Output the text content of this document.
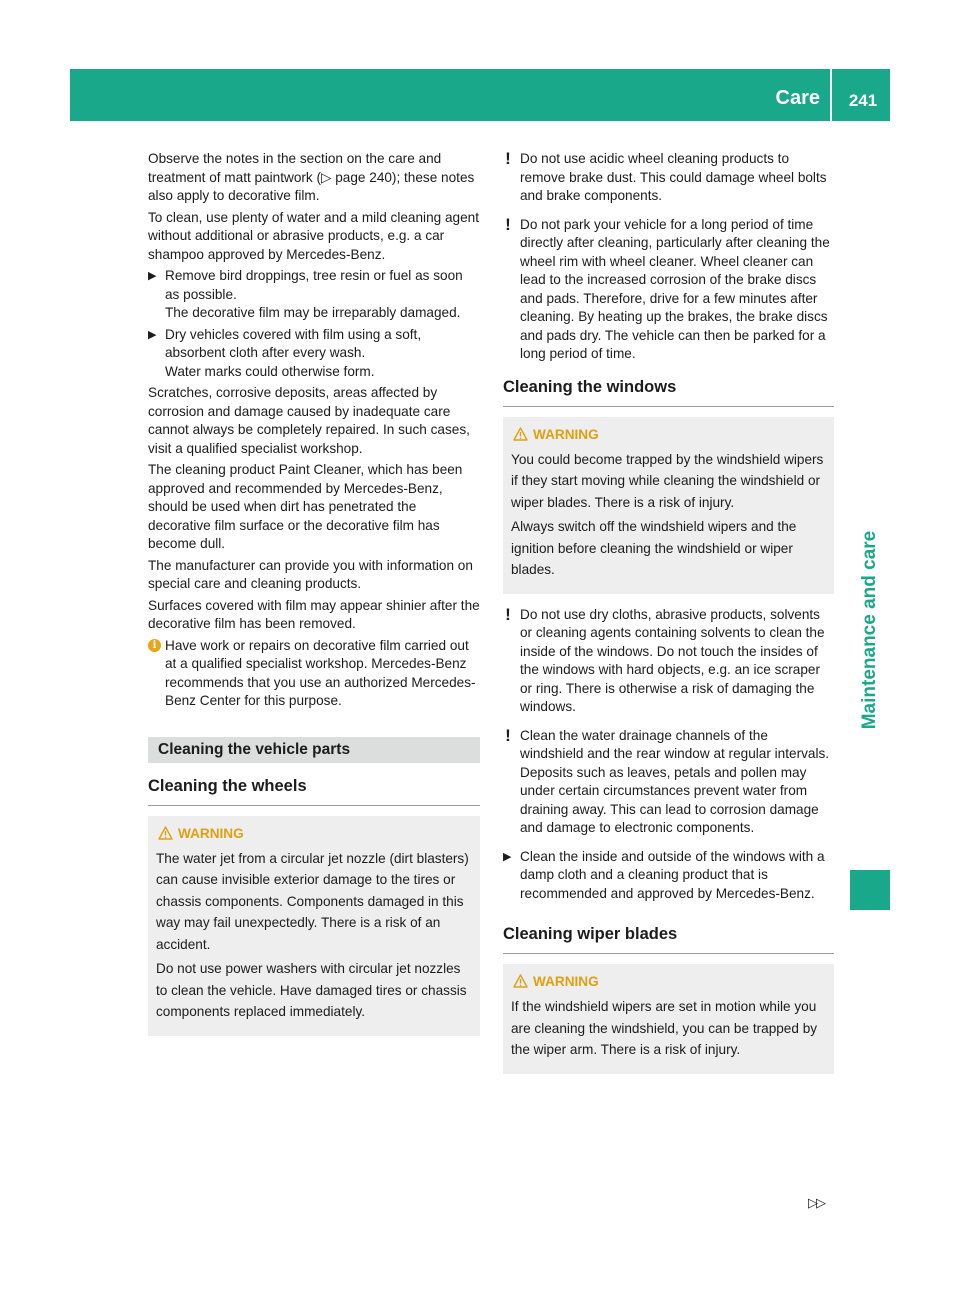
Care	241
Maintenance and care

Observe the notes in the section on the care and treatment of matt paintwork (▷ page 240); these notes also apply to decorative film.

To clean, use plenty of water and a mild cleaning agent without additional or abrasive products, e.g. a car shampoo approved by Mercedes-Benz.

▶ Remove bird droppings, tree resin or fuel as soon as possible.
The decorative film may be irreparably damaged.
▶ Dry vehicles covered with film using a soft, absorbent cloth after every wash.
Water marks could otherwise form.

Scratches, corrosive deposits, areas affected by corrosion and damage caused by inadequate care cannot always be completely repaired. In such cases, visit a qualified specialist workshop.

The cleaning product Paint Cleaner, which has been approved and recommended by Mercedes-Benz, should be used when dirt has penetrated the decorative film surface or the decorative film has become dull.

The manufacturer can provide you with information on special care and cleaning products.

Surfaces covered with film may appear shinier after the decorative film has been removed.

i Have work or repairs on decorative film carried out at a qualified specialist workshop. Mercedes-Benz recommends that you use an authorized Mercedes-Benz Center for this purpose.
Cleaning the vehicle parts
Cleaning the wheels
WARNING

The water jet from a circular jet nozzle (dirt blasters) can cause invisible exterior damage to the tires or chassis components. Components damaged in this way may fail unexpectedly. There is a risk of an accident.

Do not use power washers with circular jet nozzles to clean the vehicle. Have damaged tires or chassis components replaced immediately.

! Do not use acidic wheel cleaning products to remove brake dust. This could damage wheel bolts and brake components.
! Do not park your vehicle for a long period of time directly after cleaning, particularly after cleaning the wheel rim with wheel cleaner. Wheel cleaner can lead to the increased corrosion of the brake discs and pads. Therefore, drive for a few minutes after cleaning. By heating up the brakes, the brake discs and pads dry. The vehicle can then be parked for a long period of time.
Cleaning the windows
WARNING

You could become trapped by the windshield wipers if they start moving while cleaning the windshield or wiper blades. There is a risk of injury.

Always switch off the windshield wipers and the ignition before cleaning the windshield or wiper blades.

! Do not use dry cloths, abrasive products, solvents or cleaning agents containing solvents to clean the inside of the windows. Do not touch the insides of the windows with hard objects, e.g. an ice scraper or ring. There is otherwise a risk of damaging the windows.
! Clean the water drainage channels of the windshield and the rear window at regular intervals. Deposits such as leaves, petals and pollen may under certain circumstances prevent water from draining away. This can lead to corrosion damage and damage to electronic components.
▶ Clean the inside and outside of the windows with a damp cloth and a cleaning product that is recommended and approved by Mercedes-Benz.
Cleaning wiper blades
WARNING

If the windshield wipers are set in motion while you are cleaning the windshield, you can be trapped by the wiper arm. There is a risk of injury.

▷▷
